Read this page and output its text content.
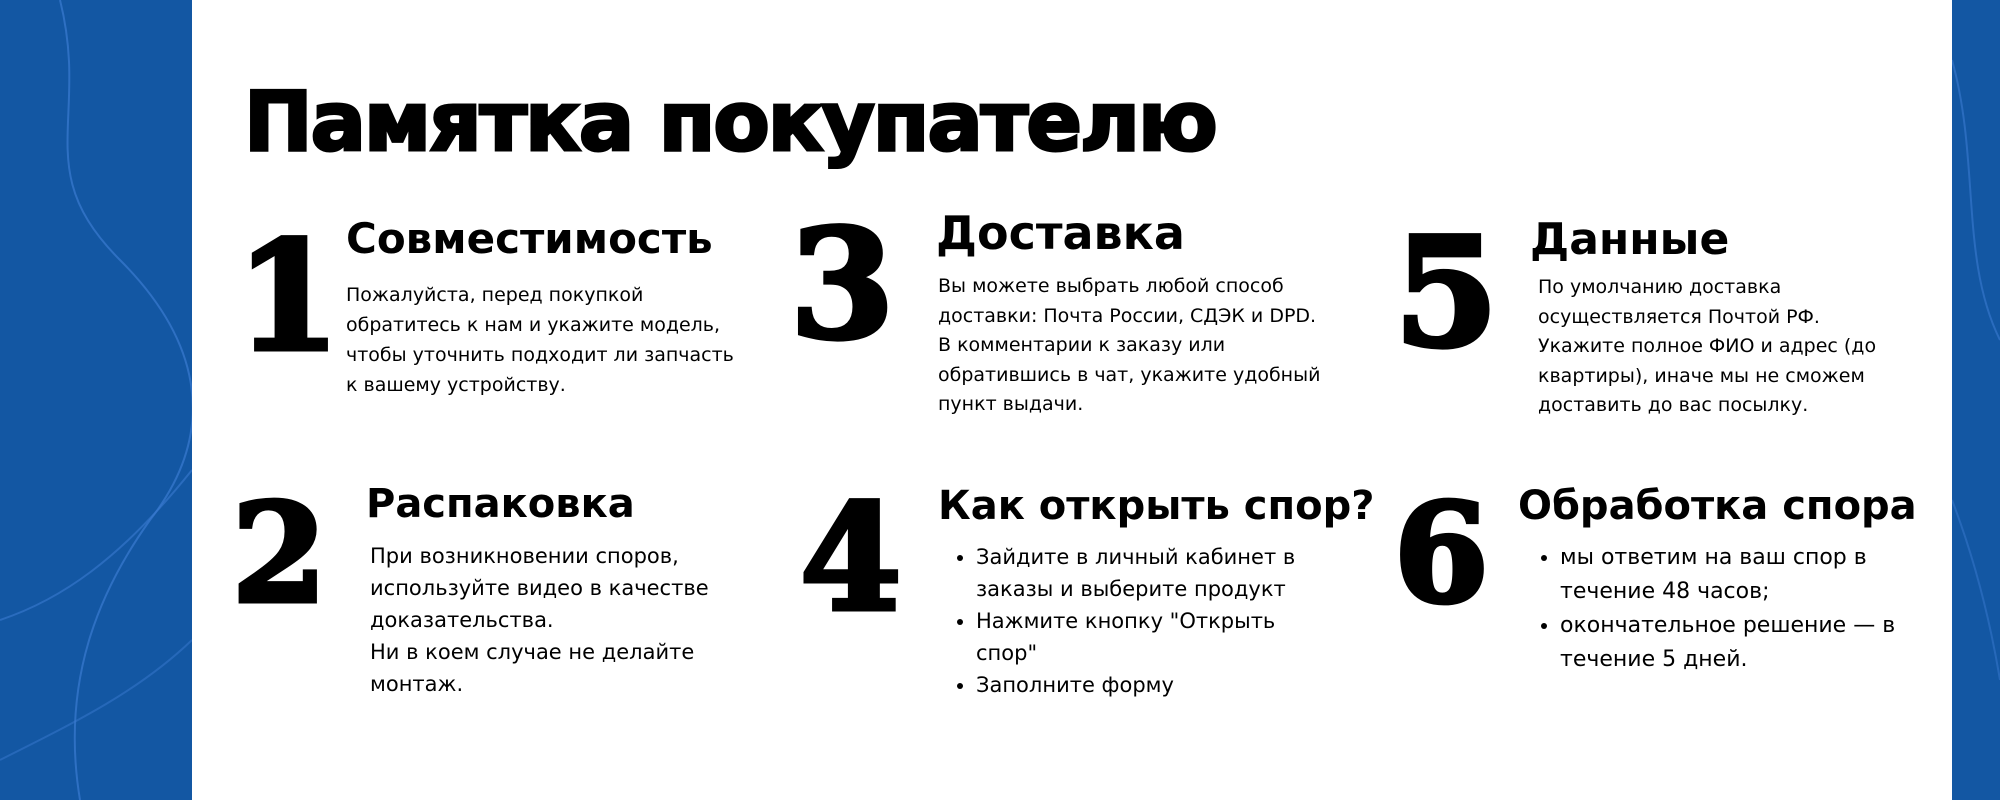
Памятка покупателю
1 Совместимость

Пожалуйста, перед покупкой обратитесь к нам и укажите модель, чтобы уточнить подходит ли запчасть к вашему устройству.

2 Распаковка

При возникновении споров, используйте видео в качестве доказательства.

Ни в коем случае не делайте монтаж.

3 Доставка

Вы можете выбрать любой способ доставки: Почта России, СДЭК и DPD.

В комментарии к заказу или обратившись в чат, укажите удобный пункт выдачи.

4 Как открыть спор?
• Зайдите в личный кабинет в заказы и выберите продукт
• Нажмите кнопку "Открыть спор"
• Заполните форму
5 Данные

По умолчанию доставка осуществляется Почтой РФ.

Укажите полное ФИО и адрес (до квартиры), иначе мы не сможем доставить до вас посылку.

6 Обработка спора
• мы ответим на ваш спор в течение 48 часов;
• окончательное решение — в течение 5 дней.
